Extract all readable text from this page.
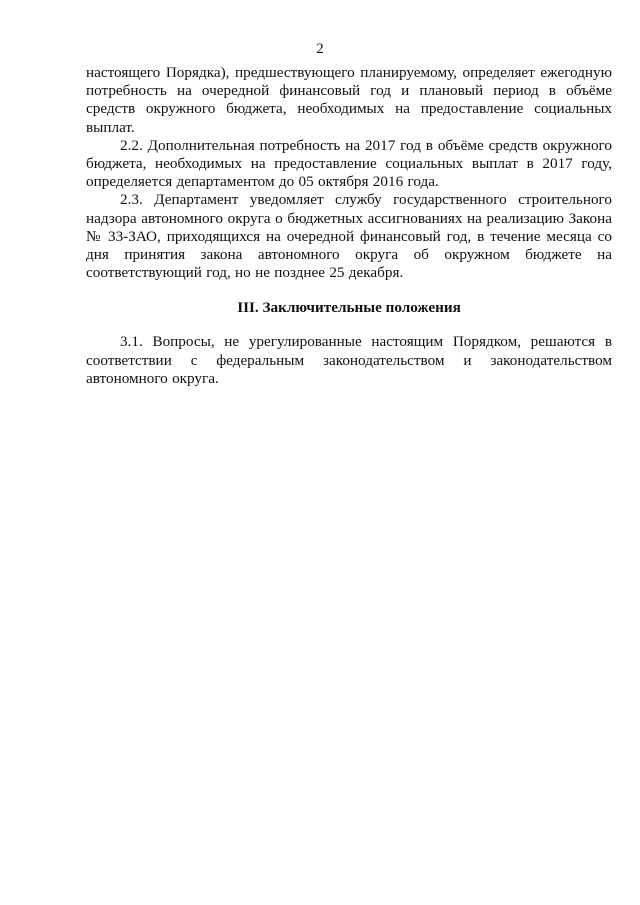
2

настоящего Порядка), предшествующего планируемому, определяет ежегодную потребность на очередной финансовый год и плановый период в объёме средств окружного бюджета, необходимых на предоставление социальных выплат.

2.2. Дополнительная потребность на 2017 год в объёме средств окружного бюджета, необходимых на предоставление социальных выплат в 2017 году, определяется департаментом до 05 октября 2016 года.

2.3. Департамент уведомляет службу государственного строительного надзора автономного округа о бюджетных ассигнованиях на реализацию Закона № 33-ЗАО, приходящихся на очередной финансовый год, в течение месяца со дня принятия закона автономного округа об окружном бюджете на соответствующий год, но не позднее 25 декабря.

III. Заключительные положения

3.1. Вопросы, не урегулированные настоящим Порядком, решаются в соответствии с федеральным законодательством и законодательством автономного округа.
